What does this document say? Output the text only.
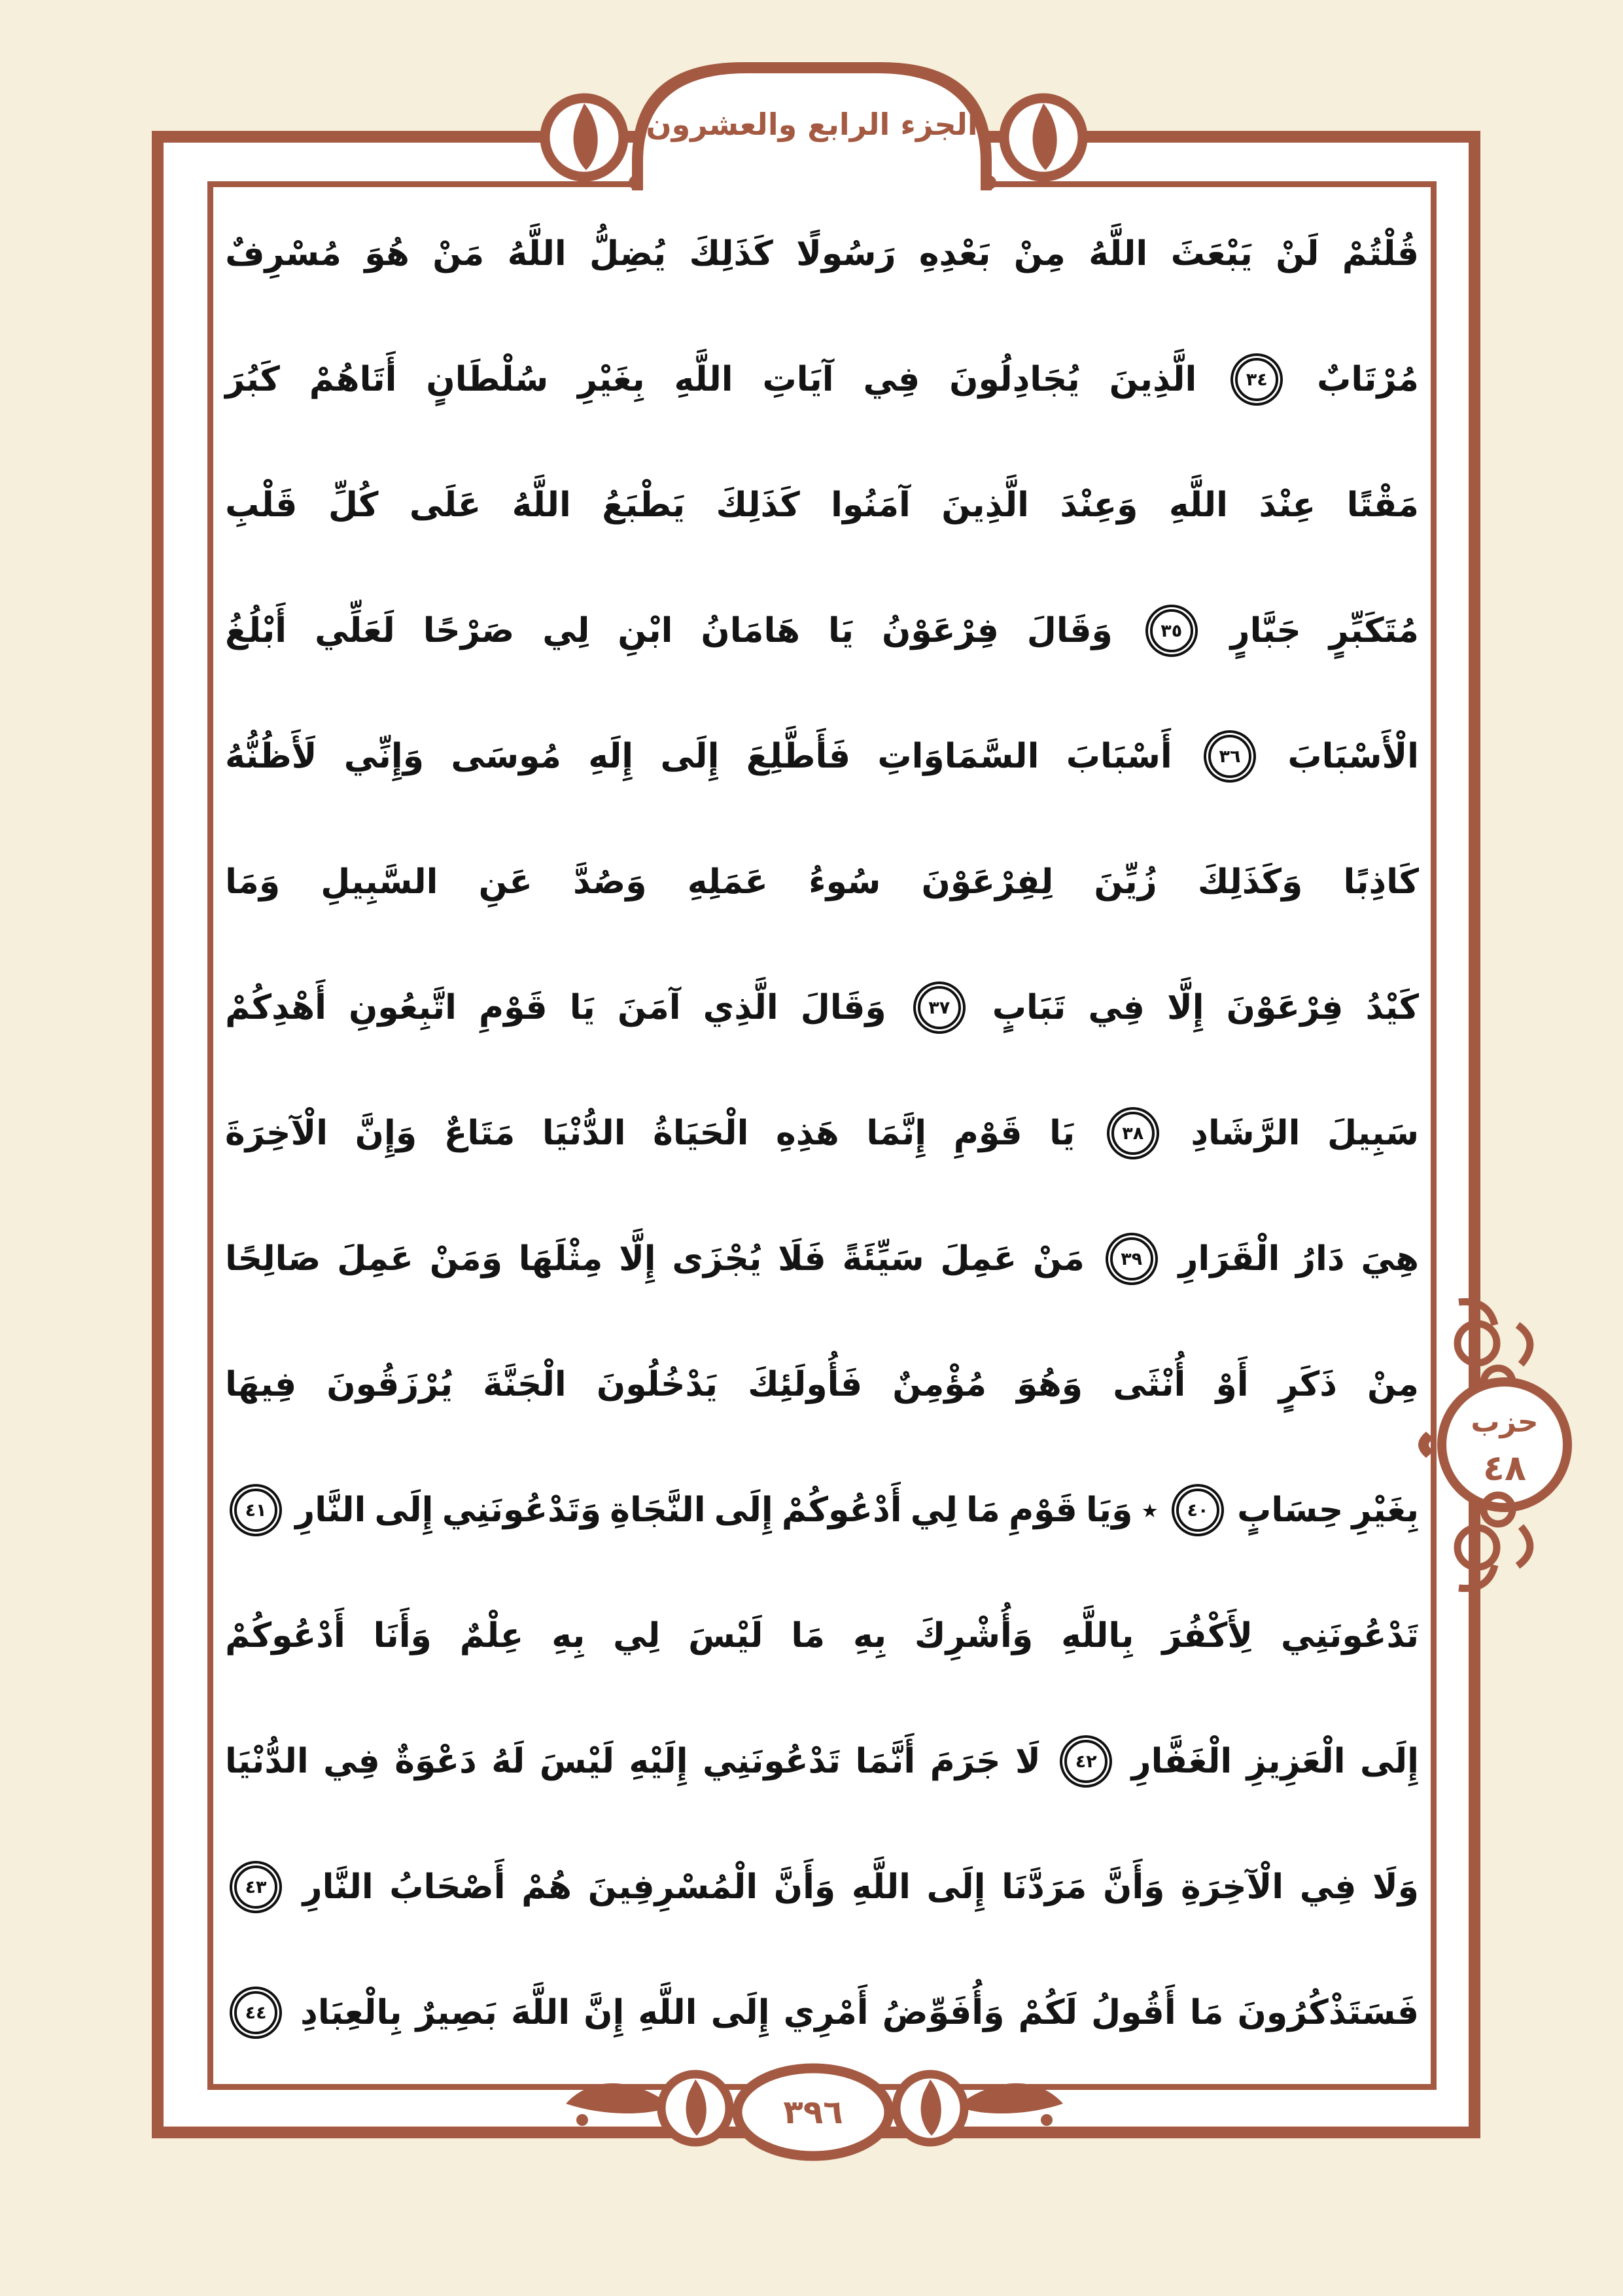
قُلْتُمْ
لَنْ
يَبْعَثَ
اللَّهُ
مِنْ
بَعْدِهِ
رَسُولًا
كَذَلِكَ
يُضِلُّ
اللَّهُ
مَنْ
هُوَ
مُسْرِفٌ
مُرْتَابٌ
٣٤
الَّذِينَ
يُجَادِلُونَ
فِي
آيَاتِ
اللَّهِ
بِغَيْرِ
سُلْطَانٍ
أَتَاهُمْ
كَبُرَ
مَقْتًا
عِنْدَ
اللَّهِ
وَعِنْدَ
الَّذِينَ
آمَنُوا
كَذَلِكَ
يَطْبَعُ
اللَّهُ
عَلَى
كُلِّ
قَلْبِ
مُتَكَبِّرٍ
جَبَّارٍ
٣٥
وَقَالَ
فِرْعَوْنُ
يَا
هَامَانُ
ابْنِ
لِي
صَرْحًا
لَعَلِّي
أَبْلُغُ
الْأَسْبَابَ
٣٦
أَسْبَابَ
السَّمَاوَاتِ
فَأَطَّلِعَ
إِلَى
إِلَهِ
مُوسَى
وَإِنِّي
لَأَظُنُّهُ
كَاذِبًا
وَكَذَلِكَ
زُيِّنَ
لِفِرْعَوْنَ
سُوءُ
عَمَلِهِ
وَصُدَّ
عَنِ
السَّبِيلِ
وَمَا
كَيْدُ
فِرْعَوْنَ
إِلَّا
فِي
تَبَابٍ
٣٧
وَقَالَ
الَّذِي
آمَنَ
يَا
قَوْمِ
اتَّبِعُونِ
أَهْدِكُمْ
سَبِيلَ
الرَّشَادِ
٣٨
يَا
قَوْمِ
إِنَّمَا
هَذِهِ
الْحَيَاةُ
الدُّنْيَا
مَتَاعٌ
وَإِنَّ
الْآخِرَةَ
هِيَ
دَارُ
الْقَرَارِ
٣٩
مَنْ
عَمِلَ
سَيِّئَةً
فَلَا
يُجْزَى
إِلَّا
مِثْلَهَا
وَمَنْ
عَمِلَ
صَالِحًا
مِنْ
ذَكَرٍ
أَوْ
أُنْثَى
وَهُوَ
مُؤْمِنٌ
فَأُولَئِكَ
يَدْخُلُونَ
الْجَنَّةَ
يُرْزَقُونَ
فِيهَا
بِغَيْرِ
حِسَابٍ
٤٠
٭
وَيَا
قَوْمِ
مَا
لِي
أَدْعُوكُمْ
إِلَى
النَّجَاةِ
وَتَدْعُونَنِي
إِلَى
النَّارِ
٤١
تَدْعُونَنِي
لِأَكْفُرَ
بِاللَّهِ
وَأُشْرِكَ
بِهِ
مَا
لَيْسَ
لِي
بِهِ
عِلْمٌ
وَأَنَا
أَدْعُوكُمْ
إِلَى
الْعَزِيزِ
الْغَفَّارِ
٤٢
لَا
جَرَمَ
أَنَّمَا
تَدْعُونَنِي
إِلَيْهِ
لَيْسَ
لَهُ
دَعْوَةٌ
فِي
الدُّنْيَا
وَلَا
فِي
الْآخِرَةِ
وَأَنَّ
مَرَدَّنَا
إِلَى
اللَّهِ
وَأَنَّ
الْمُسْرِفِينَ
هُمْ
أَصْحَابُ
النَّارِ
٤٣
فَسَتَذْكُرُونَ
مَا
أَقُولُ
لَكُمْ
وَأُفَوِّضُ
أَمْرِي
إِلَى
اللَّهِ
إِنَّ
اللَّهَ
بَصِيرٌ
بِالْعِبَادِ
٤٤
الجزء الرابع والعشرون
حزب
٤٨
٣٩٦
